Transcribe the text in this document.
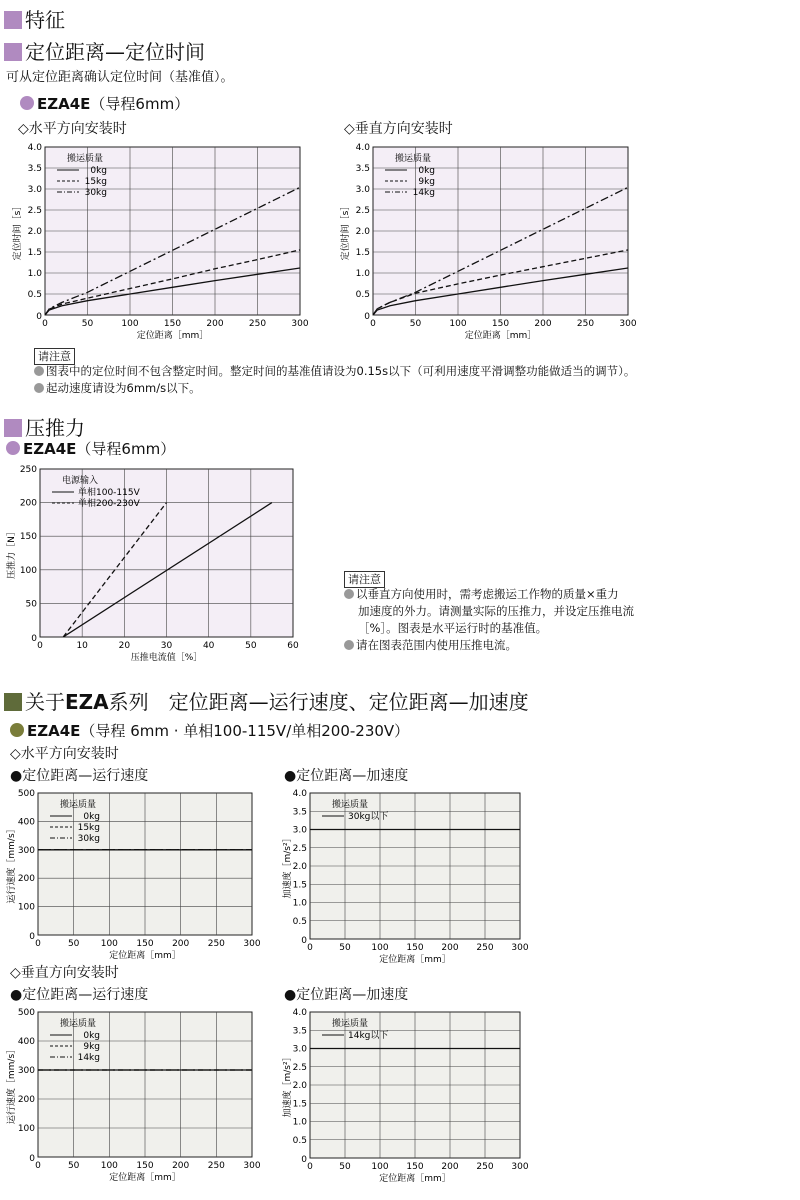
特征
定位距离—定位时间
可从定位距离确认定位时间（基准值）。
EZA4E（导程6mm）
◇水平方向安装时	◇垂直方向安装时
0	50	100	150	200	250	300
0.5
1.0
1.5
2.0
2.5
3.0
3.5
4.0
0
定位距离［mm］
定位时间［s］
搬运质量
0kg
15kg
30kg
0	50	100	150	200	250	300
0.5
1.0
1.5
2.0
2.5
3.0
3.5
4.0
0
定位距离［mm］
定位时间［s］
搬运质量
0kg
9kg
14kg
请注意
图表中的定位时间不包含整定时间。整定时间的基准值请设为0.15s以下（可利用速度平滑调整功能做适当的调节）。
起动速度请设为6mm/s以下。
压推力
EZA4E（导程6mm）
0	10	20	30	40	50	60
50
100
150
200
250
0
压推电流值［%］
压推力［N］
电源输入
单相100-115V
单相200-230V
请注意
以垂直方向使用时，需考虑搬运工作物的质量×重力
加速度的外力。请测量实际的压推力，并设定压推电流
［%］。图表是水平运行时的基准值。
请在图表范围内使用压推电流。
关于EZA系列　定位距离—运行速度、定位距离—加速度
EZA4E（导程 6mm · 单相100-115V/单相200-230V）
◇水平方向安装时
●定位距离—运行速度	●定位距离—加速度
0	50 100 150 200 250 300
100
200
300
400
500
0
定位距离［mm］
运行速度［mm/s］
搬运质量
0kg
15kg
30kg
0	50 100 150 200 250 300
0.5
1.0
1.5
2.0
2.5
3.0
3.5
4.0
0
定位距离［mm］
加速度［m/s²］
搬运质量
30kg以下
◇垂直方向安装时
●定位距离—运行速度	●定位距离—加速度
0	50 100 150 200 250 300
100
200
300
400
500
0
定位距离［mm］
运行速度［mm/s］
搬运质量
0kg
9kg
14kg
0	50 100 150 200 250 300
0.5
1.0
1.5
2.0
2.5
3.0
3.5
4.0
0
定位距离［mm］
加速度［m/s²］
搬运质量
14kg以下
